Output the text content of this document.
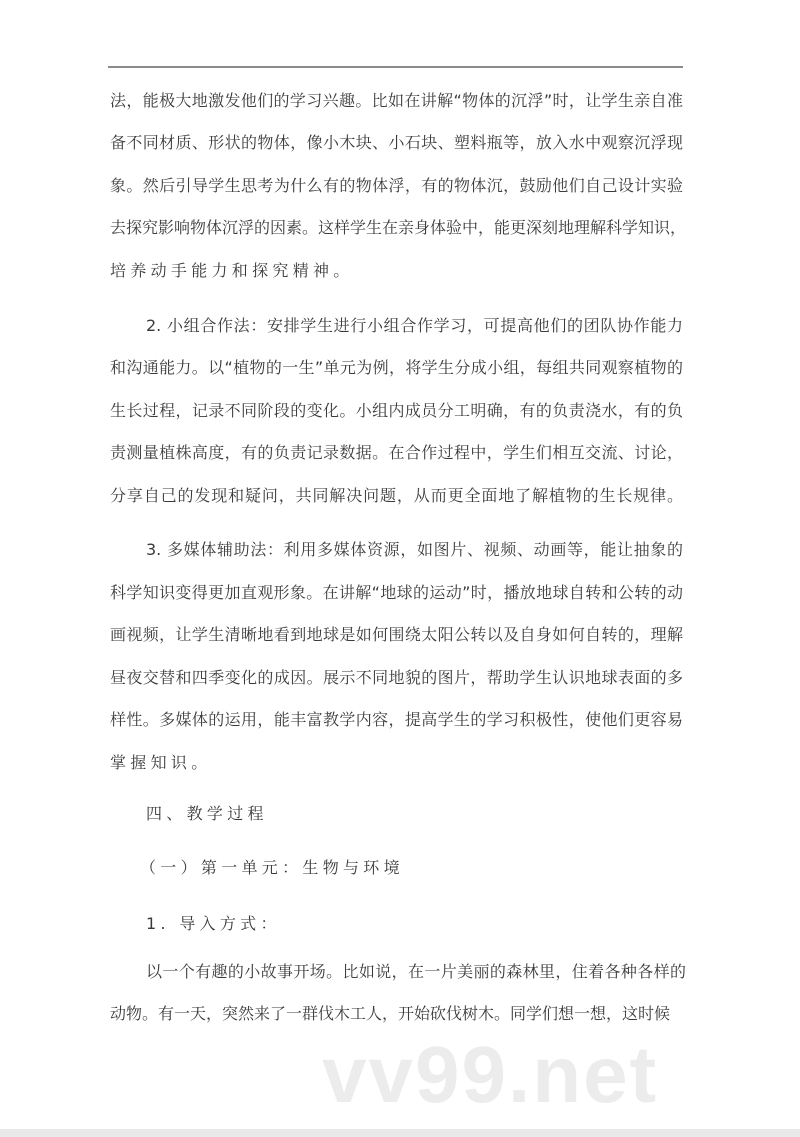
法，能极大地激发他们的学习兴趣。比如在讲解“物体的沉浮”时，让学生亲自准
备不同材质、形状的物体，像小木块、小石块、塑料瓶等，放入水中观察沉浮现
象。然后引导学生思考为什么有的物体浮，有的物体沉，鼓励他们自己设计实验
去探究影响物体沉浮的因素。这样学生在亲身体验中，能更深刻地理解科学知识，
培养动手能力和探究精神。
2. 小组合作法：安排学生进行小组合作学习，可提高他们的团队协作能力
和沟通能力。以“植物的一生”单元为例，将学生分成小组，每组共同观察植物的
生长过程，记录不同阶段的变化。小组内成员分工明确，有的负责浇水，有的负
责测量植株高度，有的负责记录数据。在合作过程中，学生们相互交流、讨论，
分享自己的发现和疑问，共同解决问题，从而更全面地了解植物的生长规律。
3. 多媒体辅助法：利用多媒体资源，如图片、视频、动画等，能让抽象的
科学知识变得更加直观形象。在讲解“地球的运动”时，播放地球自转和公转的动
画视频，让学生清晰地看到地球是如何围绕太阳公转以及自身如何自转的，理解
昼夜交替和四季变化的成因。展示不同地貌的图片，帮助学生认识地球表面的多
样性。多媒体的运用，能丰富教学内容，提高学生的学习积极性，使他们更容易
掌握知识。
四、教学过程
（一）第一单元：生物与环境
1. 导入方式：
以一个有趣的小故事开场。比如说，在一片美丽的森林里，住着各种各样的
动物。有一天，突然来了一群伐木工人，开始砍伐树木。同学们想一想，这时候
vv99.net
